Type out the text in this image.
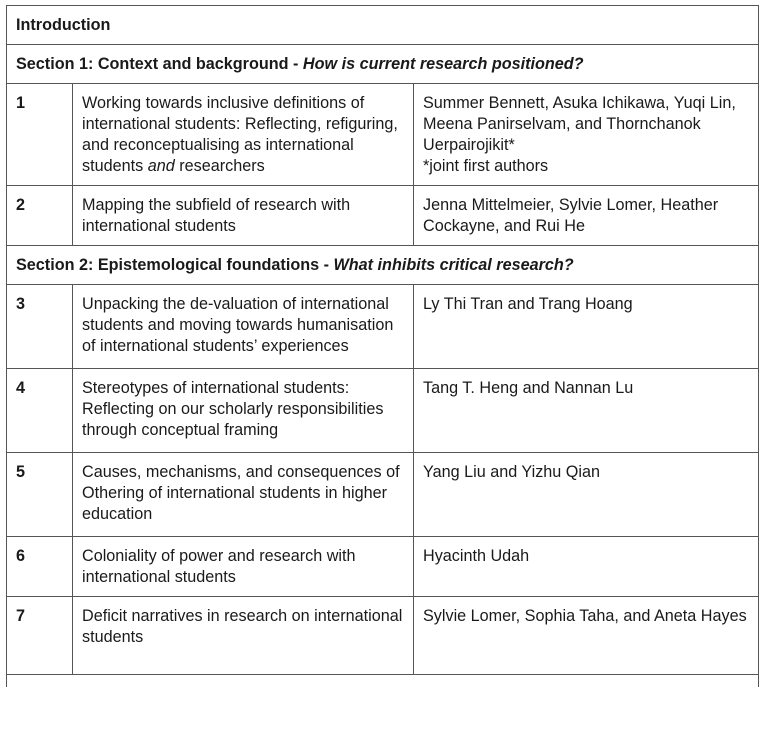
Introduction		
Section 1: Context and background - How is current research positioned?		
1	Working towards inclusive definitions of international students: Reflecting, refiguring, and reconceptualising as international students and researchers	Summer Bennett, Asuka Ichikawa, Yuqi Lin, Meena Panirselvam, and Thornchanok Uerpairojikit*
*joint first authors

2	Mapping the subfield of research with international students	Jenna Mittelmeier, Sylvie Lomer, Heather Cockayne, and Rui He
Section 2: Epistemological foundations - What inhibits critical research?		
3	Unpacking the de-valuation of international students and moving towards humanisation of international students’ experiences	Ly Thi Tran and Trang Hoang
4	Stereotypes of international students: Reflecting on our scholarly responsibilities through conceptual framing	Tang T. Heng and Nannan Lu
5	Causes, mechanisms, and consequences of Othering of international students in higher education	Yang Liu and Yizhu Qian
6	Coloniality of power and research with international students	Hyacinth Udah
7	Deficit narratives in research on international students	Sylvie Lomer, Sophia Taha, and Aneta Hayes
